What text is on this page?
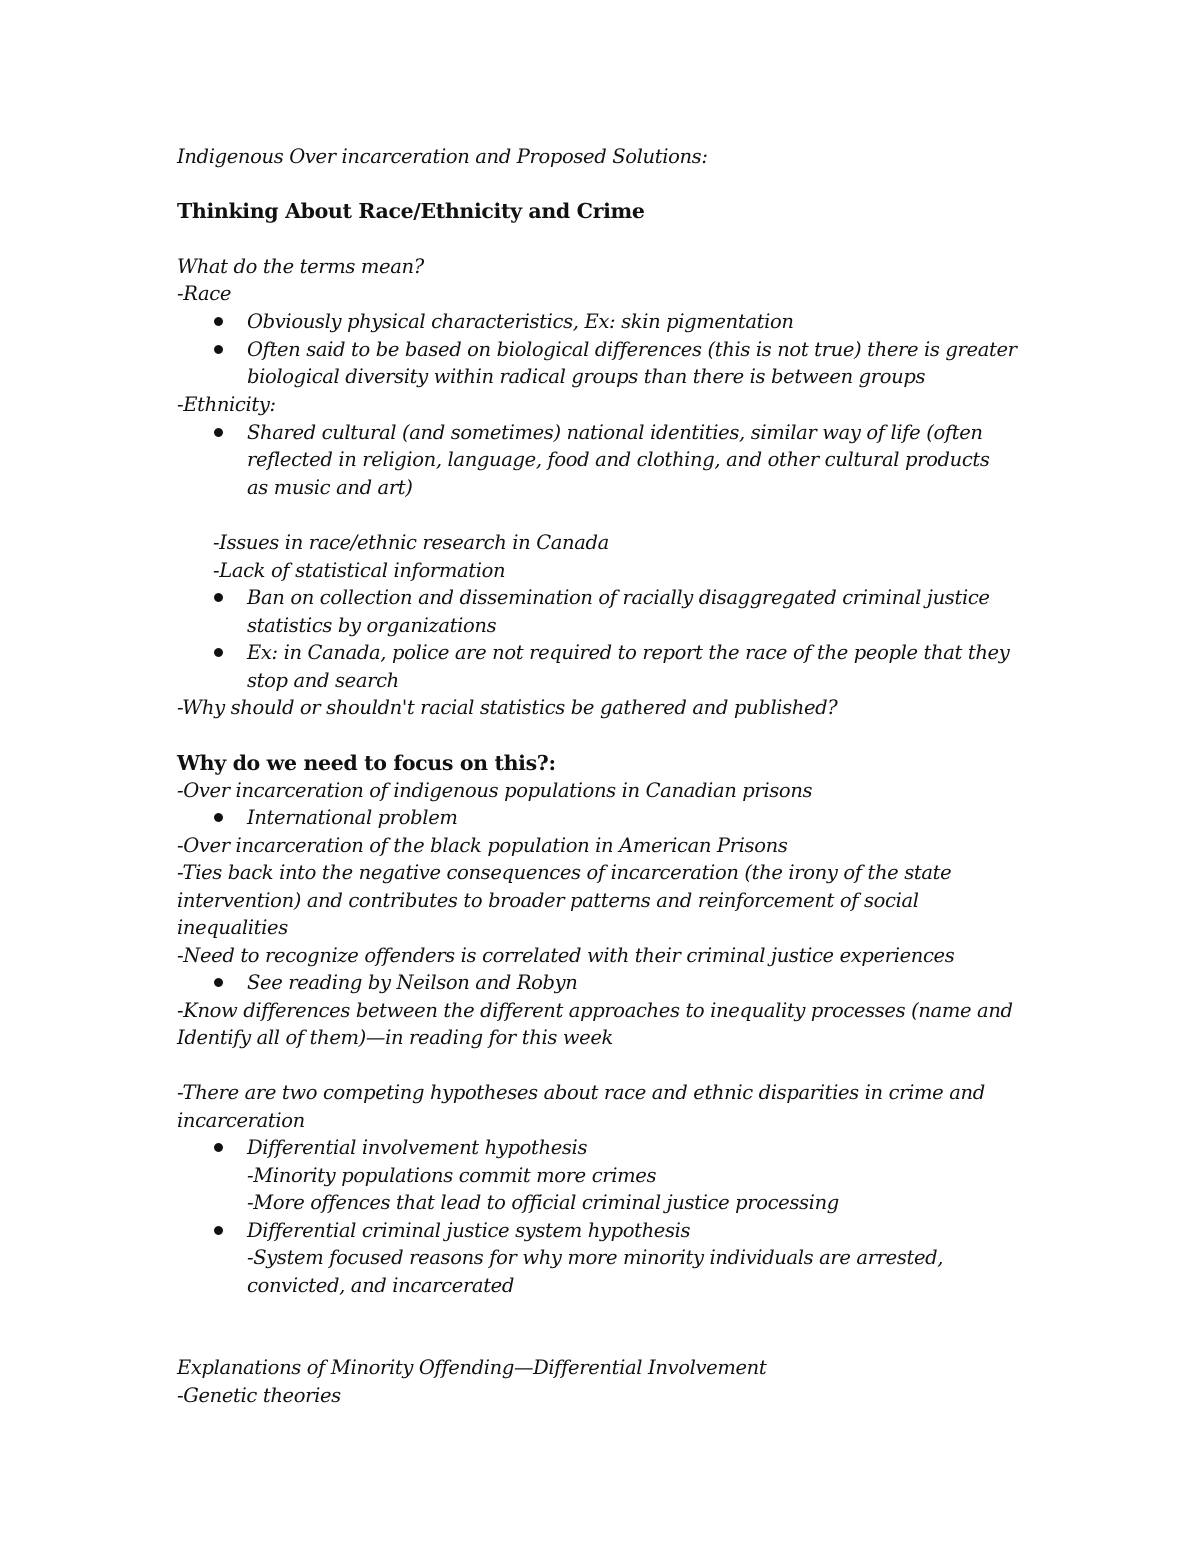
Indigenous Over incarceration and Proposed Solutions:
Thinking About Race/Ethnicity and Crime
What do the terms mean?
-Race
Obviously physical characteristics, Ex: skin pigmentation
Often said to be based on biological differences (this is not true) there is greater
biological diversity within radical groups than there is between groups
-Ethnicity:
Shared cultural (and sometimes) national identities, similar way of life (often
reflected in religion, language, food and clothing, and other cultural products
as music and art)
-Issues in race/ethnic research in Canada
-Lack of statistical information
Ban on collection and dissemination of racially disaggregated criminal justice
statistics by organizations
Ex: in Canada, police are not required to report the race of the people that they
stop and search
-Why should or shouldn't racial statistics be gathered and published?
Why do we need to focus on this?:
-Over incarceration of indigenous populations in Canadian prisons
International problem
-Over incarceration of the black population in American Prisons
-Ties back into the negative consequences of incarceration (the irony of the state
intervention) and contributes to broader patterns and reinforcement of social
inequalities
-Need to recognize offenders is correlated with their criminal justice experiences
See reading by Neilson and Robyn
-Know differences between the different approaches to inequality processes (name and
Identify all of them)—in reading for this week
-There are two competing hypotheses about race and ethnic disparities in crime and
incarceration
Differential involvement hypothesis
-Minority populations commit more crimes
-More offences that lead to official criminal justice processing
Differential criminal justice system hypothesis
-System focused reasons for why more minority individuals are arrested,
convicted, and incarcerated
Explanations of Minority Offending—Differential Involvement
-Genetic theories
